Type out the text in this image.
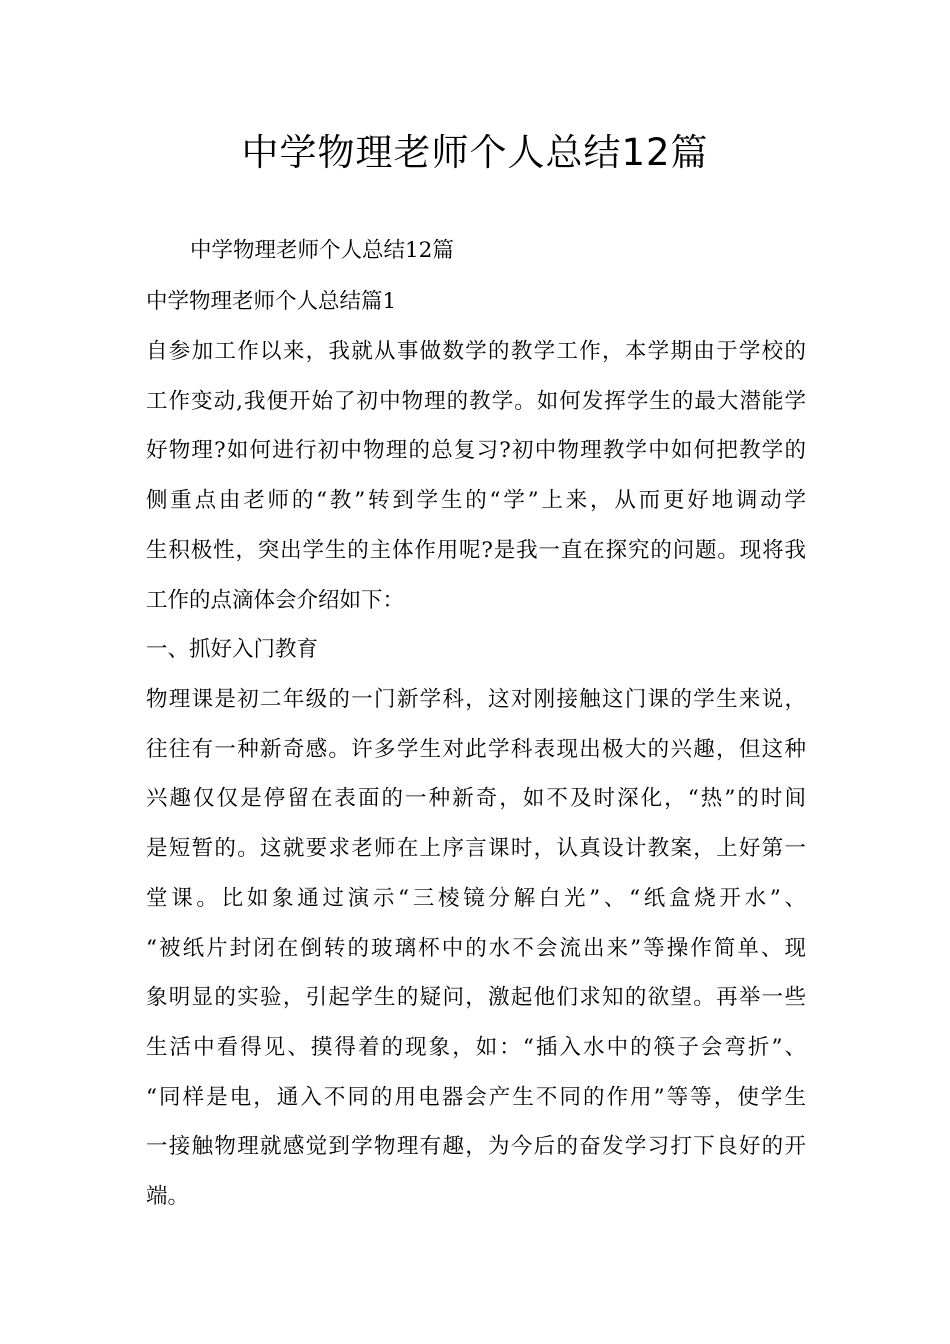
中学物理老师个人总结12篇
中学物理老师个人总结12篇
中学物理老师个人总结篇1
自参加工作以来，我就从事做数学的教学工作，本学期由于学校的
工作变动,我便开始了初中物理的教学。如何发挥学生的最大潜能学
好物理?如何进行初中物理的总复习?初中物理教学中如何把教学的
侧重点由老师的“教”转到学生的“学”上来，从而更好地调动学
生积极性，突出学生的主体作用呢?是我一直在探究的问题。现将我
工作的点滴体会介绍如下：
一、抓好入门教育
物理课是初二年级的一门新学科，这对刚接触这门课的学生来说，
往往有一种新奇感。许多学生对此学科表现出极大的兴趣，但这种
兴趣仅仅是停留在表面的一种新奇，如不及时深化，“热”的时间
是短暂的。这就要求老师在上序言课时，认真设计教案，上好第一
堂课。比如象通过演示“三棱镜分解白光”、“纸盒烧开水”、
“被纸片封闭在倒转的玻璃杯中的水不会流出来”等操作简单、现
象明显的实验，引起学生的疑问，激起他们求知的欲望。再举一些
生活中看得见、摸得着的现象，如：“插入水中的筷子会弯折”、
“同样是电，通入不同的用电器会产生不同的作用”等等，使学生
一接触物理就感觉到学物理有趣，为今后的奋发学习打下良好的开
端。
